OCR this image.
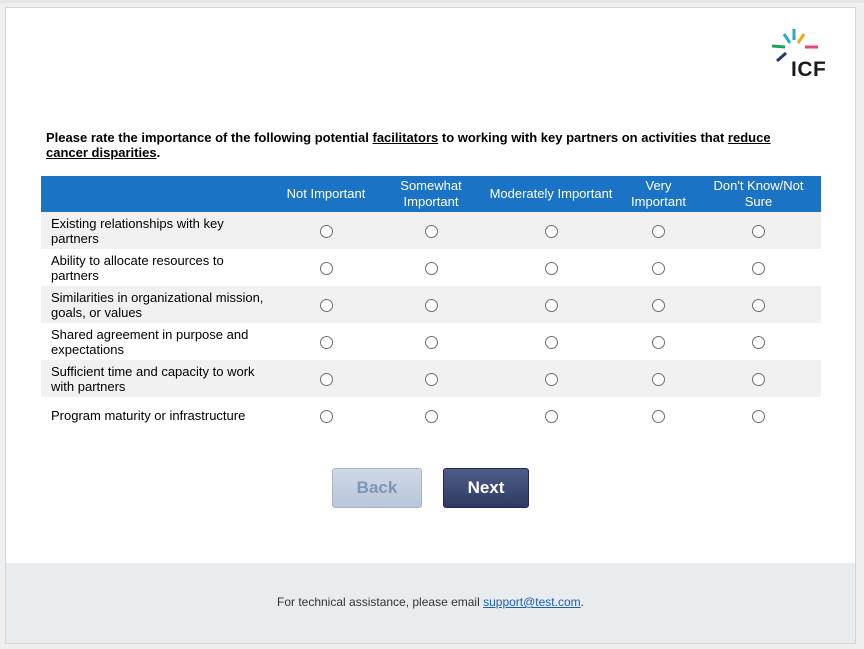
ICF
Please rate the importance of the following potential facilitators to working with key partners on activities that reduce cancer disparities.
	Not Important	Somewhat Important	Moderately Important	Very Important	Don't Know/Not Sure
Existing relationships with key partners					
Ability to allocate resources to partners					
Similarities in organizational mission, goals, or values					
Shared agreement in purpose and expectations					
Sufficient time and capacity to work with partners					
Program maturity or infrastructure					
Back	Next
For technical assistance, please email support@test.com.
